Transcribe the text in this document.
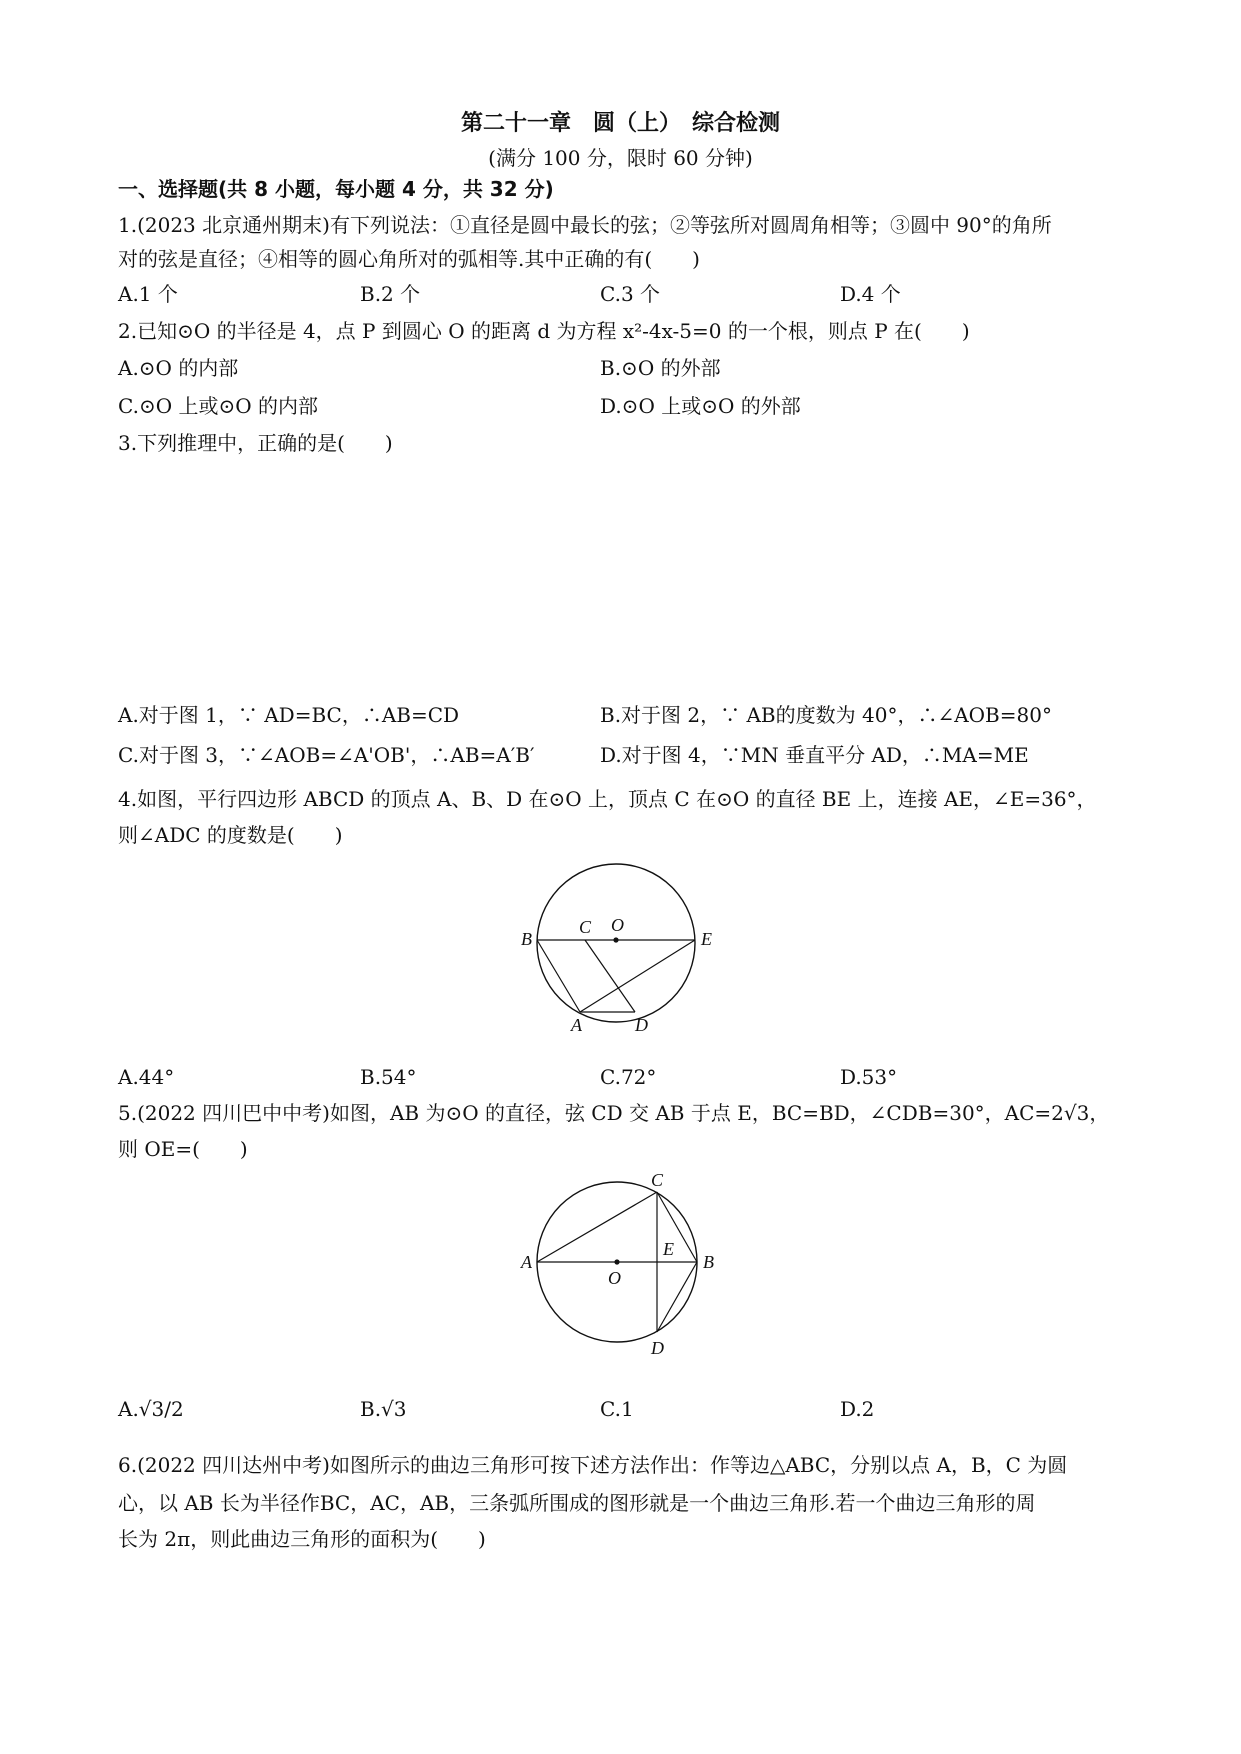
第二十一章　圆（上）　综合检测
(满分 100 分，限时 60 分钟)
一、选择题(共 8 小题，每小题 4 分，共 32 分)
1.(2023 北京通州期末)有下列说法：①直径是圆中最长的弦；②等弦所对圆周角相等；③圆中 90°的角所
对的弦是直径；④相等的圆心角所对的弧相等.其中正确的有(　　)
A.1 个	B.2 个	C.3 个	D.4 个
2.已知⊙O 的半径是 4，点 P 到圆心 O 的距离 d 为方程 x²-4x-5=0 的一个根，则点 P 在(　　)
A.⊙O 的内部	B.⊙O 的外部
C.⊙O 上或⊙O 的内部	D.⊙O 上或⊙O 的外部
3.下列推理中，正确的是(　　)
A.对于图 1，∵ AD=BC，∴AB=CD	B.对于图 2，∵ AB的度数为 40°，∴∠AOB=80°
C.对于图 3，∵∠AOB=∠A'OB'，∴AB=A′B′	D.对于图 4，∵MN 垂直平分 AD，∴MA=ME
4.如图，平行四边形 ABCD 的顶点 A、B、D 在⊙O 上，顶点 C 在⊙O 的直径 BE 上，连接 AE，∠E=36°，
则∠ADC 的度数是(　　)
B
C O
E
A	D
A.44°	B.54°	C.72°	D.53°
5.(2022 四川巴中中考)如图，AB 为⊙O 的直径，弦 CD 交 AB 于点 E，BC=BD，∠CDB=30°，AC=2√3，
则 OE=(　　)
A
O
E
B
C
D
A.√3/2	B.√3	C.1	D.2
6.(2022 四川达州中考)如图所示的曲边三角形可按下述方法作出：作等边△ABC，分别以点 A，B，C 为圆
心，以 AB 长为半径作BC，AC，AB，三条弧所围成的图形就是一个曲边三角形.若一个曲边三角形的周
长为 2π，则此曲边三角形的面积为(　　)
